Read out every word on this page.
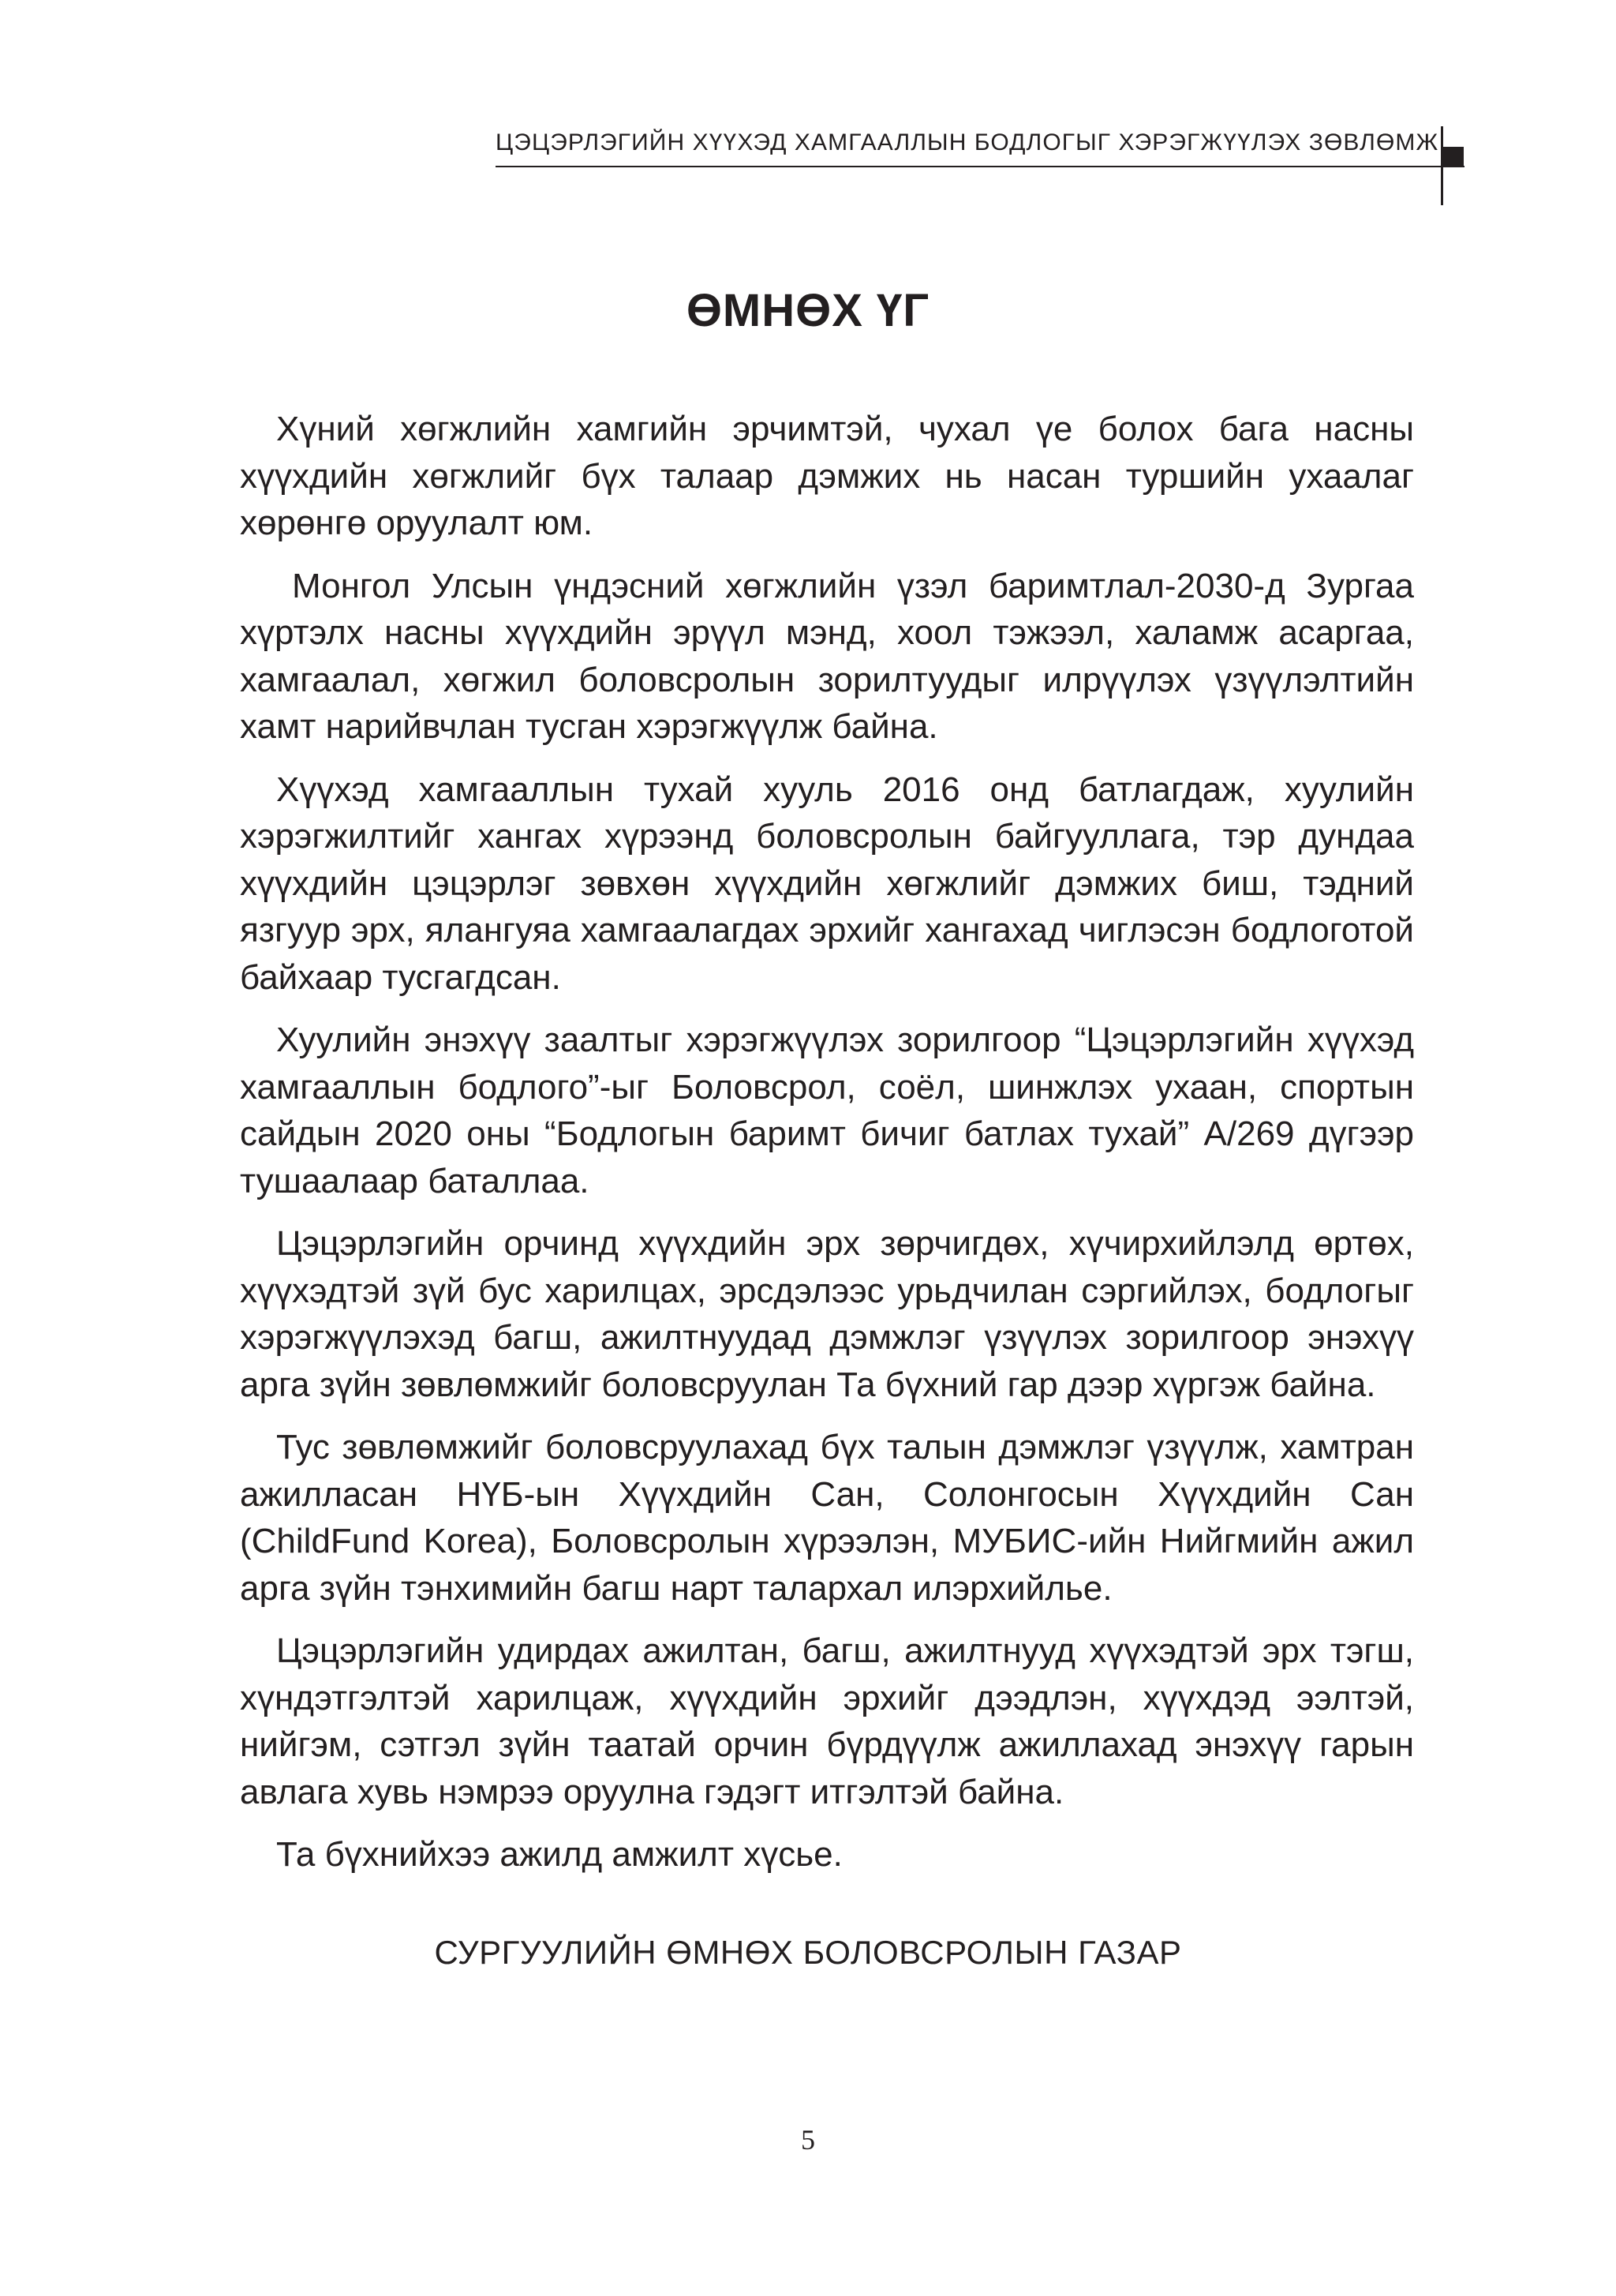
ЦЭЦЭРЛЭГИЙН ХҮҮХЭД ХАМГААЛЛЫН БОДЛОГЫГ ХЭРЭГЖҮҮЛЭХ ЗӨВЛӨМЖ
ӨМНӨХ ҮГ

Хүний хөгжлийн хамгийн эрчимтэй, чухал үе болох бага насны хүүхдийн хөгжлийг бүх талаар дэмжих нь насан туршийн ухаалаг хөрөнгө оруулалт юм.

Монгол Улсын үндэсний хөгжлийн үзэл баримтлал-2030-д Зургаа хүртэлх насны хүүхдийн эрүүл мэнд, хоол тэжээл, халамж асаргаа, хамгаалал, хөгжил боловсролын зорилтуудыг илрүүлэх үзүүлэлтийн хамт нарийвчлан тусган хэрэгжүүлж байна.

Хүүхэд хамгааллын тухай хууль 2016 онд батлагдаж, хуулийн хэрэгжилтийг хангах хүрээнд боловсролын байгууллага, тэр дундаа хүүхдийн цэцэрлэг зөвхөн хүүхдийн хөгжлийг дэмжих биш, тэдний язгуур эрх, ялангуяа хамгаалагдах эрхийг хангахад чиглэсэн бодлоготой байхаар тусгагдсан.

Хуулийн энэхүү заалтыг хэрэгжүүлэх зорилгоор “Цэцэрлэгийн хүүхэд хамгааллын бодлого”-ыг Боловсрол, соёл, шинжлэх ухаан, спортын сайдын 2020 оны “Бодлогын баримт бичиг батлах тухай” А/269 дүгээр тушаалаар баталлаа.

Цэцэрлэгийн орчинд хүүхдийн эрх зөрчигдөх, хүчирхийлэлд өртөх, хүүхэдтэй зүй бус харилцах, эрсдэлээс урьдчилан сэргийлэх, бодлогыг хэрэгжүүлэхэд багш, ажилтнуудад дэмжлэг үзүүлэх зорилгоор энэхүү арга зүйн зөвлөмжийг боловсруулан Та бүхний гар дээр хүргэж байна.

Тус зөвлөмжийг боловсруулахад бүх талын дэмжлэг үзүүлж, хамтран ажилласан НҮБ-ын Хүүхдийн Сан, Солонгосын Хүүхдийн Сан (ChildFund Korea), Боловсролын хүрээлэн, МУБИС-ийн Нийгмийн ажил арга зүйн тэнхимийн багш нарт талархал илэрхийлье.

Цэцэрлэгийн удирдах ажилтан, багш, ажилтнууд хүүхэдтэй эрх тэгш, хүндэтгэлтэй харилцаж, хүүхдийн эрхийг дээдлэн, хүүхдэд ээлтэй, нийгэм, сэтгэл зүйн таатай орчин бүрдүүлж ажиллахад энэхүү гарын авлага хувь нэмрээ оруулна гэдэгт итгэлтэй байна.

Та бүхнийхээ ажилд амжилт хүсье.

СУРГУУЛИЙН ӨМНӨХ БОЛОВСРОЛЫН ГАЗАР
5
